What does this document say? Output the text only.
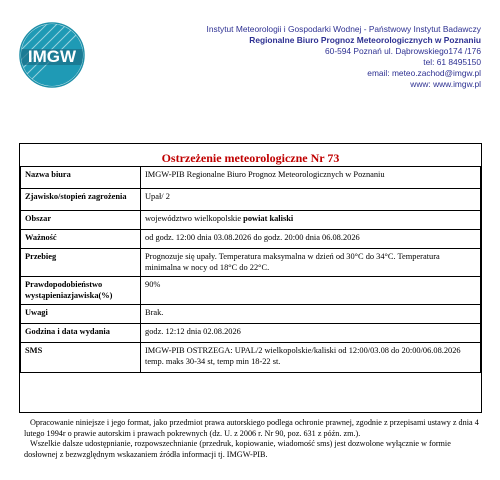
IMGW
Instytut Meteorologii i Gospodarki Wodnej - Państwowy Instytut Badawczy
Regionalne Biuro Prognoz Meteorologicznych w Poznaniu
60-594 Poznań ul. Dąbrowskiego174 /176
tel: 61 8495150
email: meteo.zachod@imgw.pl
www: www.imgw.pl
Ostrzeżenie meteorologiczne Nr 73
Nazwa biura	IMGW-PIB Regionalne Biuro Prognoz Meteorologicznych w Poznaniu
Zjawisko/stopień zagrożenia	Upał/ 2
Obszar	województwo wielkopolskie powiat kaliski
Ważność	od godz. 12:00 dnia 03.08.2026 do godz. 20:00 dnia 06.08.2026
Przebieg	Prognozuje się upały. Temperatura maksymalna w dzień od 30°C do 34°C. Temperatura minimalna w nocy od 18°C do 22°C.
Prawdopodobieństwo wystąpieniazjawiska(%)	90%
Uwagi	Brak.
Godzina i data wydania	godz. 12:12 dnia 02.08.2026
SMS	IMGW-PIB OSTRZEGA: UPAL/2 wielkopolskie/kaliski od 12:00/03.08 do 20:00/06.08.2026 temp. maks 30-34 st, temp min 18-22 st.

Opracowanie niniejsze i jego format, jako przedmiot prawa autorskiego podlega ochronie prawnej, zgodnie z przepisami ustawy z dnia 4 lutego 1994r o prawie autorskim i prawach pokrewnych (dz. U. z 2006 r. Nr 90, poz. 631 z późn. zm.).

Wszelkie dalsze udostępnianie, rozpowszechnianie (przedruk, kopiowanie, wiadomość sms) jest dozwolone wyłącznie w formie dosłownej z bezwzględnym wskazaniem źródła informacji tj. IMGW-PIB.
